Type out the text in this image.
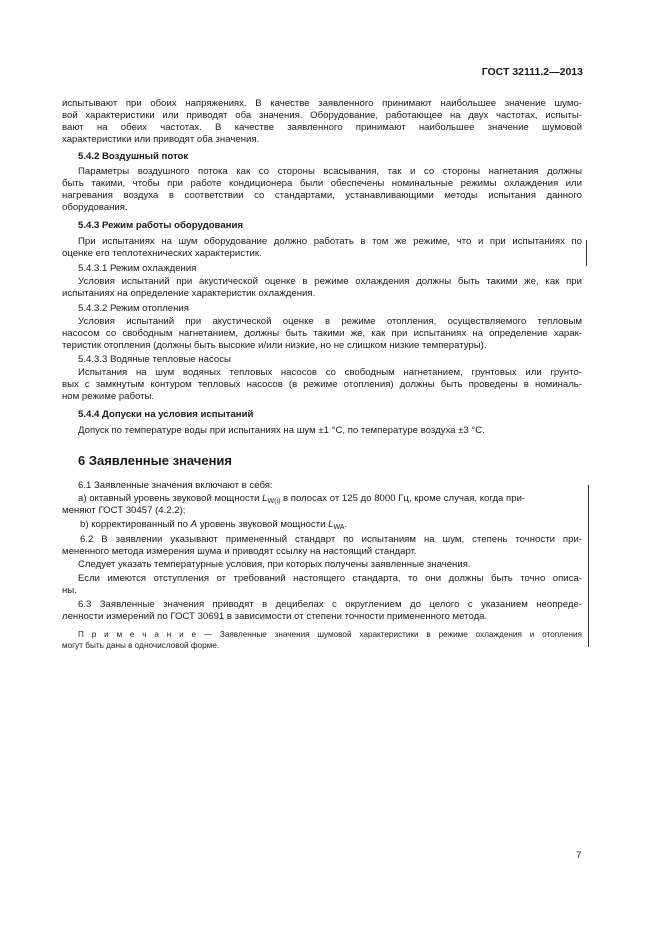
ГОСТ 32111.2—2013
испытывают при обоих напряжениях. В качестве заявленного принимают наибольшее значение шумо-
вой характеристики или приводят оба значения. Оборудование, работающее на двух частотах, испыты-
вают на обеих частотах. В качестве заявленного принимают наибольшее значение шумовой
характеристики или приводят оба значения.
5.4.2 Воздушный поток
Параметры воздушного потока как со стороны всасывания, так и со стороны нагнетания должны
быть такими, чтобы при работе кондиционера были обеспечены номинальные режимы охлаждения или
нагревания воздуха в соответствии со стандартами, устанавливающими методы испытания данного
оборудования.
5.4.3 Режим работы оборудования
При испытаниях на шум оборудование должно работать в том же режиме, что и при испытаниях по
оценке его теплотехнических характеристик.
5.4.3.1 Режим охлаждения
Условия испытаний при акустической оценке в режиме охлаждения должны быть такими же, как при
испытаниях на определение характеристик охлаждения.
5.4.3.2 Режим отопления
Условия испытаний при акустической оценке в режиме отопления, осуществляемого тепловым
насосом со свободным нагнетанием, должны быть такими же, как при испытаниях на определение харак-
теристик отопления (должны быть высокие и/или низкие, но не слишком низкие температуры).
5.4.3.3 Водяные тепловые насосы
Испытания на шум водяных тепловых насосов со свободным нагнетанием, грунтовых или грунто-
вых с замкнутым контуром тепловых насосов (в режиме отопления) должны быть проведены в номиналь-
ном режиме работы.
5.4.4 Допуски на условия испытаний
Допуск по температуре воды при испытаниях на шум ±1 °С, по температуре воздуха ±3 °С.
6 Заявленные значения
6.1 Заявленные значения включают в себя:
а) октавный уровень звуковой мощности $L_{W(i)}$ в полосах от 125 до 8000 Гц, кроме случая, когда при-
меняют ГОСТ 30457 (4.2.2);
b) корректированный по A уровень звуковой мощности $L_{WA}$.
6.2 В заявлении указывают примененный стандарт по испытаниям на шум, степень точности при-
мененного метода измерения шума и приводят ссылку на настоящий стандарт.
Следует указать температурные условия, при которых получены заявленные значения.
Если имеются отступления от требований настоящего стандарта, то они должны быть точно описа-
ны.
6.3 Заявленные значения приводят в децибелах с округлением до целого с указанием неопреде-
ленности измерений по ГОСТ 30691 в зависимости от степени точности примененного метода.
П р и м е ч а н и е — Заявленные значения шумовой характеристики в режиме охлаждения и отопления
могут быть даны в одночисловой форме.
7
